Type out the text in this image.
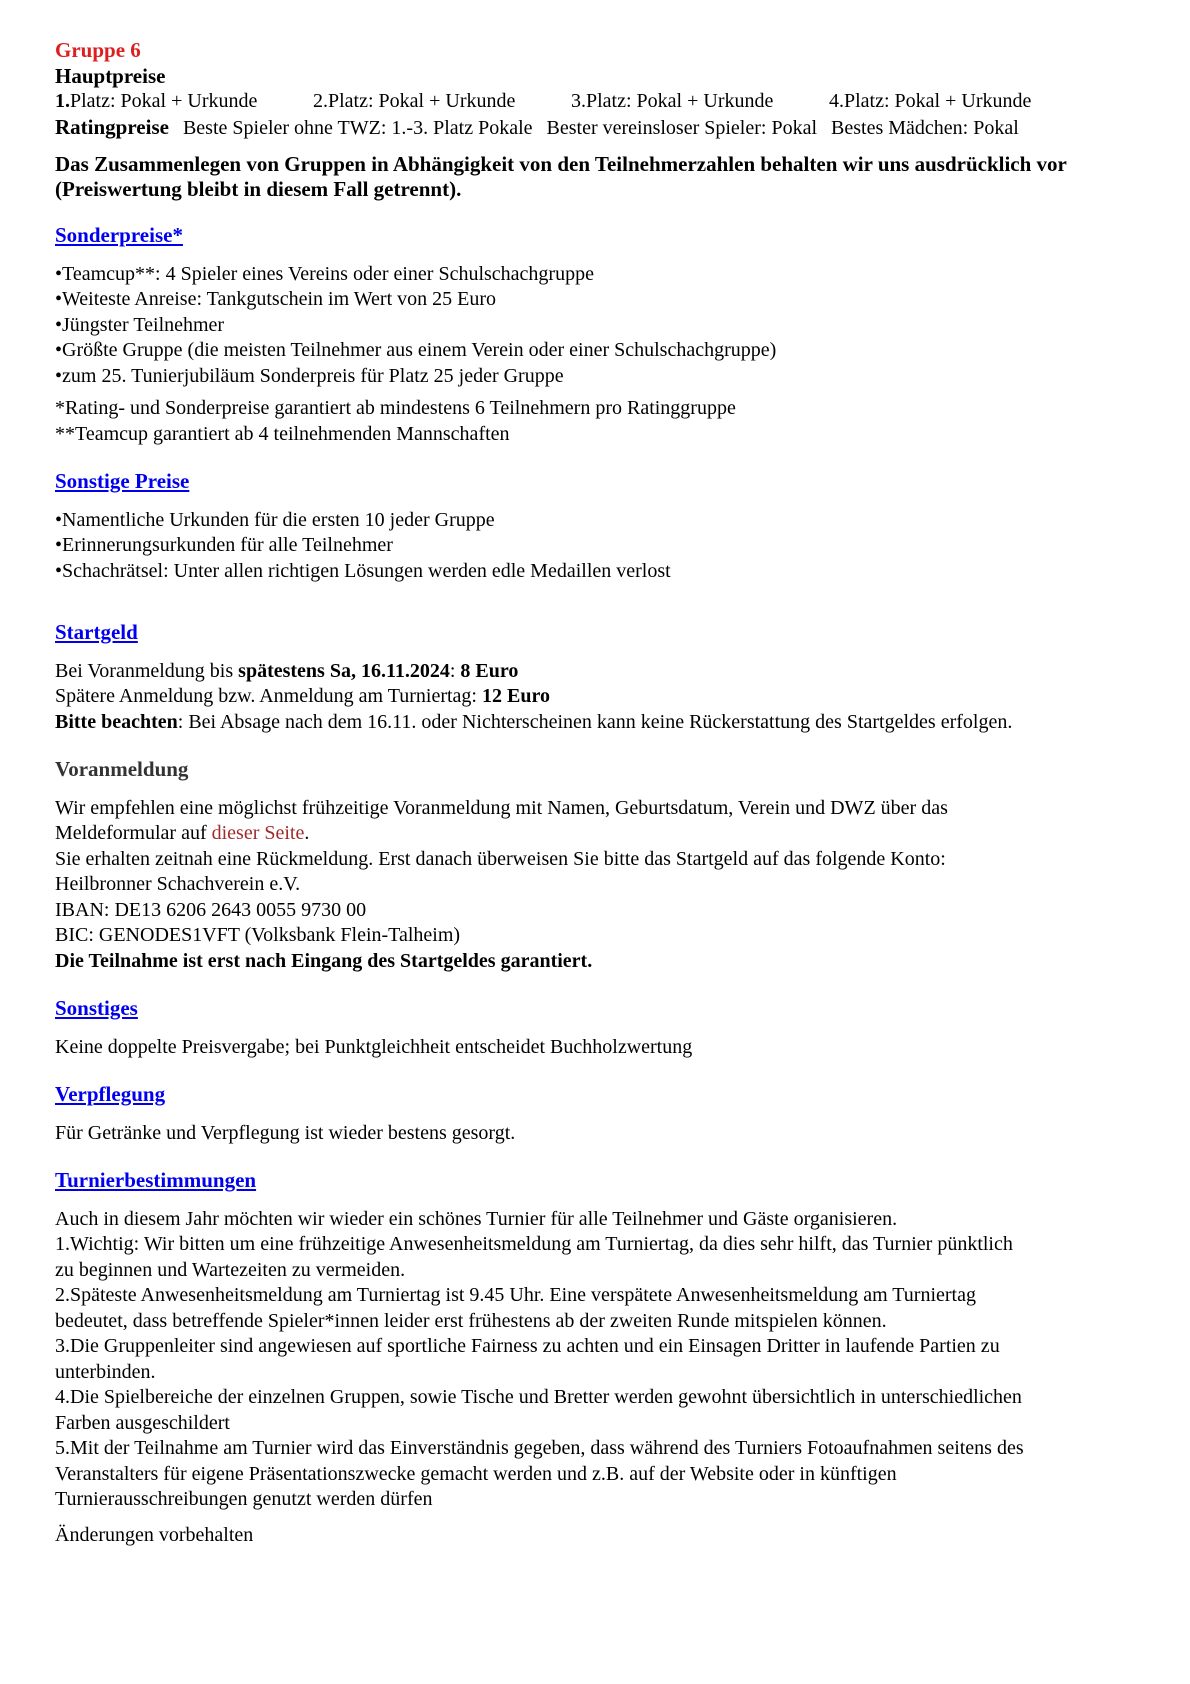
Gruppe 6
Hauptpreise
1.Platz: Pokal + Urkunde	2.Platz: Pokal + Urkunde	3.Platz: Pokal + Urkunde	4.Platz: Pokal + Urkunde
Ratingpreise Beste Spieler ohne TWZ: 1.-3. Platz Pokale Bester vereinsloser Spieler: Pokal Bestes Mädchen: Pokal
Das Zusammenlegen von Gruppen in Abhängigkeit von den Teilnehmerzahlen behalten wir uns ausdrücklich vor
(Preiswertung bleibt in diesem Fall getrennt).
Sonderpreise*
•Teamcup**: 4 Spieler eines Vereins oder einer Schulschachgruppe
•Weiteste Anreise: Tankgutschein im Wert von 25 Euro
•Jüngster Teilnehmer
•Größte Gruppe (die meisten Teilnehmer aus einem Verein oder einer Schulschachgruppe)
•zum 25. Tunierjubiläum Sonderpreis für Platz 25 jeder Gruppe
*Rating- und Sonderpreise garantiert ab mindestens 6 Teilnehmern pro Ratinggruppe
**Teamcup garantiert ab 4 teilnehmenden Mannschaften
Sonstige Preise
•Namentliche Urkunden für die ersten 10 jeder Gruppe
•Erinnerungsurkunden für alle Teilnehmer
•Schachrätsel: Unter allen richtigen Lösungen werden edle Medaillen verlost
Startgeld
Bei Voranmeldung bis spätestens Sa, 16.11.2024: 8 Euro
Spätere Anmeldung bzw. Anmeldung am Turniertag: 12 Euro
Bitte beachten: Bei Absage nach dem 16.11. oder Nichterscheinen kann keine Rückerstattung des Startgeldes erfolgen.
Voranmeldung
Wir empfehlen eine möglichst frühzeitige Voranmeldung mit Namen, Geburtsdatum, Verein und DWZ über das
Meldeformular auf dieser Seite.
Sie erhalten zeitnah eine Rückmeldung. Erst danach überweisen Sie bitte das Startgeld auf das folgende Konto:
Heilbronner Schachverein e.V.
IBAN: DE13 6206 2643 0055 9730 00
BIC: GENODES1VFT (Volksbank Flein-Talheim)
Die Teilnahme ist erst nach Eingang des Startgeldes garantiert.
Sonstiges
Keine doppelte Preisvergabe; bei Punktgleichheit entscheidet Buchholzwertung
Verpflegung
Für Getränke und Verpflegung ist wieder bestens gesorgt.
Turnierbestimmungen
Auch in diesem Jahr möchten wir wieder ein schönes Turnier für alle Teilnehmer und Gäste organisieren.
1.Wichtig: Wir bitten um eine frühzeitige Anwesenheitsmeldung am Turniertag, da dies sehr hilft, das Turnier pünktlich
zu beginnen und Wartezeiten zu vermeiden.
2.Späteste Anwesenheitsmeldung am Turniertag ist 9.45 Uhr. Eine verspätete Anwesenheitsmeldung am Turniertag
bedeutet, dass betreffende Spieler*innen leider erst frühestens ab der zweiten Runde mitspielen können.
3.Die Gruppenleiter sind angewiesen auf sportliche Fairness zu achten und ein Einsagen Dritter in laufende Partien zu
unterbinden.
4.Die Spielbereiche der einzelnen Gruppen, sowie Tische und Bretter werden gewohnt übersichtlich in unterschiedlichen
Farben ausgeschildert
5.Mit der Teilnahme am Turnier wird das Einverständnis gegeben, dass während des Turniers Fotoaufnahmen seitens des
Veranstalters für eigene Präsentationszwecke gemacht werden und z.B. auf der Website oder in künftigen
Turnierausschreibungen genutzt werden dürfen
Änderungen vorbehalten
